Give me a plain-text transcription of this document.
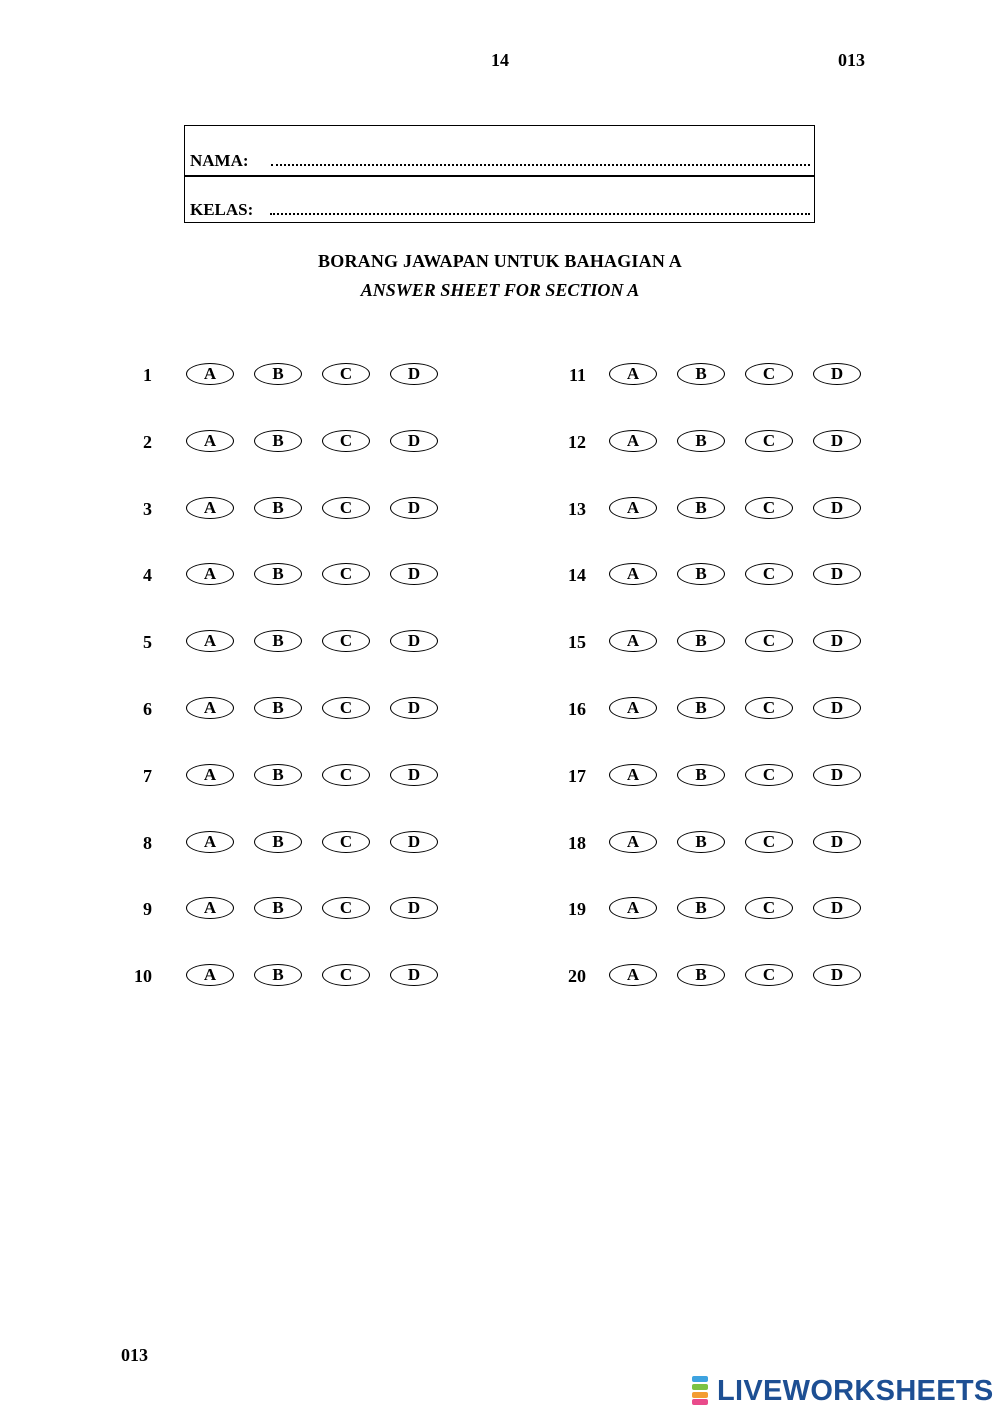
14	013
NAMA:
KELAS:
BORANG JAWAPAN UNTUK BAHAGIAN A
ANSWER SHEET FOR SECTION A
1	A	B	C	D
2	A	B	C	D
3	A	B	C	D
4	A	B	C	D
5	A	B	C	D
6	A	B	C	D
7	A	B	C	D
8	A	B	C	D
9	A	B	C	D
10	A	B	C	D
11	A	B	C	D
12	A	B	C	D
13	A	B	C	D
14	A	B	C	D
15	A	B	C	D
16	A	B	C	D
17	A	B	C	D
18	A	B	C	D
19	A	B	C	D
20	A	B	C	D
013
LIVEWORKSHEETS
